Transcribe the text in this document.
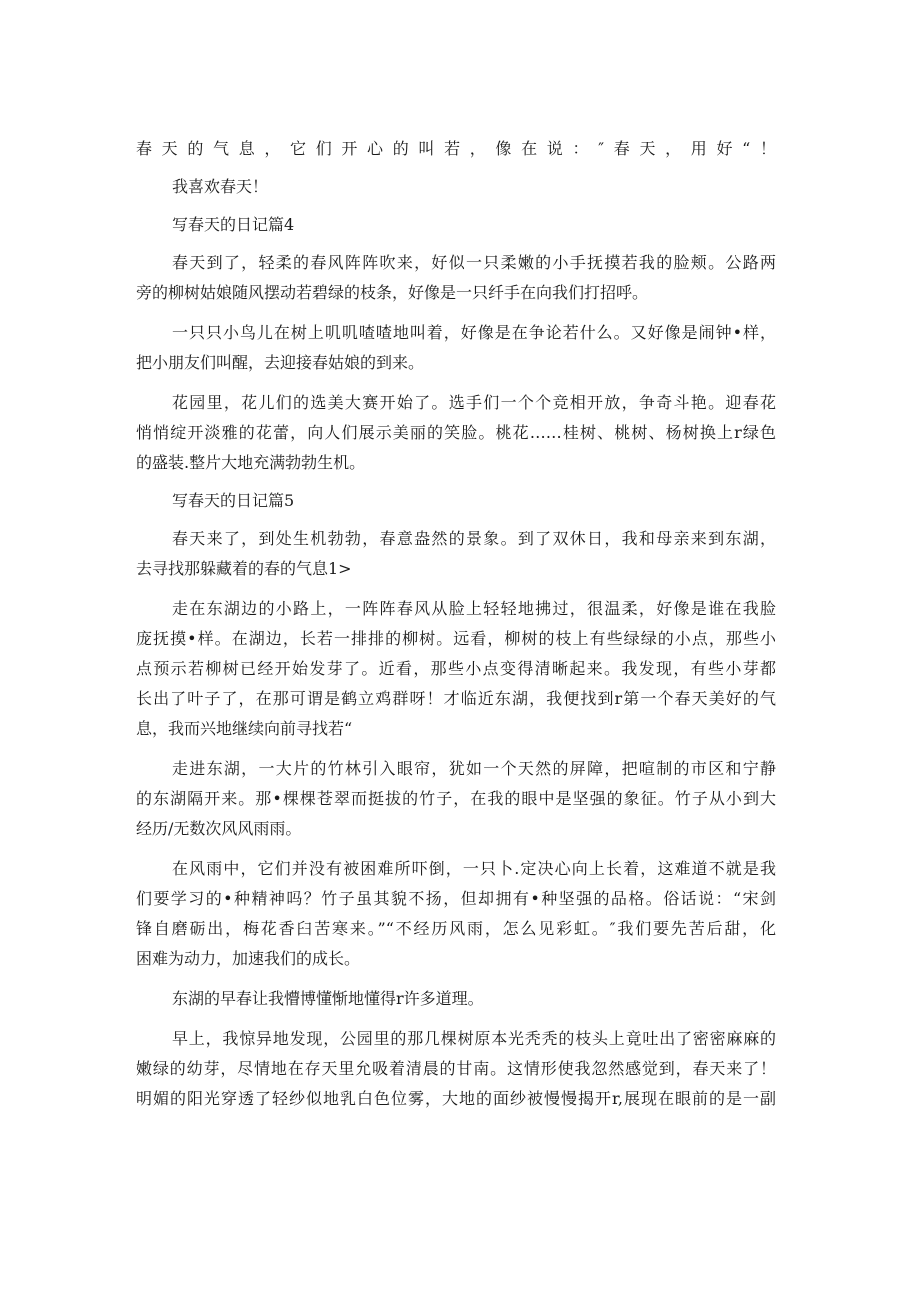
春天的气息，它们开心的叫若，像在说：″春天，用好“！
我喜欢春天！
写春天的日记篇4
春天到了，轻柔的春风阵阵吹来，好似一只柔嫩的小手抚摸若我的脸颊。公路两
旁的柳树姑娘随风摆动若碧绿的枝条，好像是一只纤手在向我们打招呼。
一只只小鸟儿在树上叽叽喳喳地叫着，好像是在争论若什么。又好像是闹钟•样，
把小朋友们叫醒，去迎接春姑娘的到来。
花园里，花儿们的选美大赛开始了。选手们一个个竞相开放，争奇斗艳。迎春花
悄悄绽开淡雅的花蕾，向人们展示美丽的笑脸。桃花……桂树、桃树、杨树换上r绿色
的盛装.整片大地充满勃勃生机。
写春天的日记篇5
春天来了，到处生机勃勃，春意盎然的景象。到了双休日，我和母亲来到东湖，
去寻找那躲藏着的春的气息1>
走在东湖边的小路上，一阵阵春风从脸上轻轻地拂过，很温柔，好像是谁在我脸
庞抚摸•样。在湖边，长若一排排的柳树。远看，柳树的枝上有些绿绿的小点，那些小
点预示若柳树已经开始发芽了。近看，那些小点变得清晰起来。我发现，有些小芽都
长出了叶子了，在那可谓是鹤立鸡群呀！才临近东湖，我便找到r第一个春天美好的气
息，我而兴地继续向前寻找若“
走进东湖，一大片的竹林引入眼帘，犹如一个天然的屏障，把喧制的市区和宁静
的东湖隔开来。那•棵棵苍翠而挺拔的竹子，在我的眼中是坚强的象征。竹子从小到大
经历/无数次风风雨雨。
在风雨中，它们并没有被困难所吓倒，一只卜.定决心向上长着，这难道不就是我
们要学习的•种精神吗？竹子虽其貌不扬，但却拥有•种坚强的品格。俗话说：“宋剑
锋自磨砺出，梅花香臼苦寒来。”“不经历风雨，怎么见彩虹。″我们要先苦后甜，化
困难为动力，加速我们的成长。
东湖的早春让我懵博懂惭地懂得r许多道理。
早上，我惊异地发现，公园里的那几棵树原本光秃秃的枝头上竟吐出了密密麻麻的
嫩绿的幼芽，尽情地在存天里允吸着清晨的甘南。这情形使我忽然感觉到，春天来了！
明媚的阳光穿透了轻纱似地乳白色位雾，大地的面纱被慢慢揭开r,展现在眼前的是一副
